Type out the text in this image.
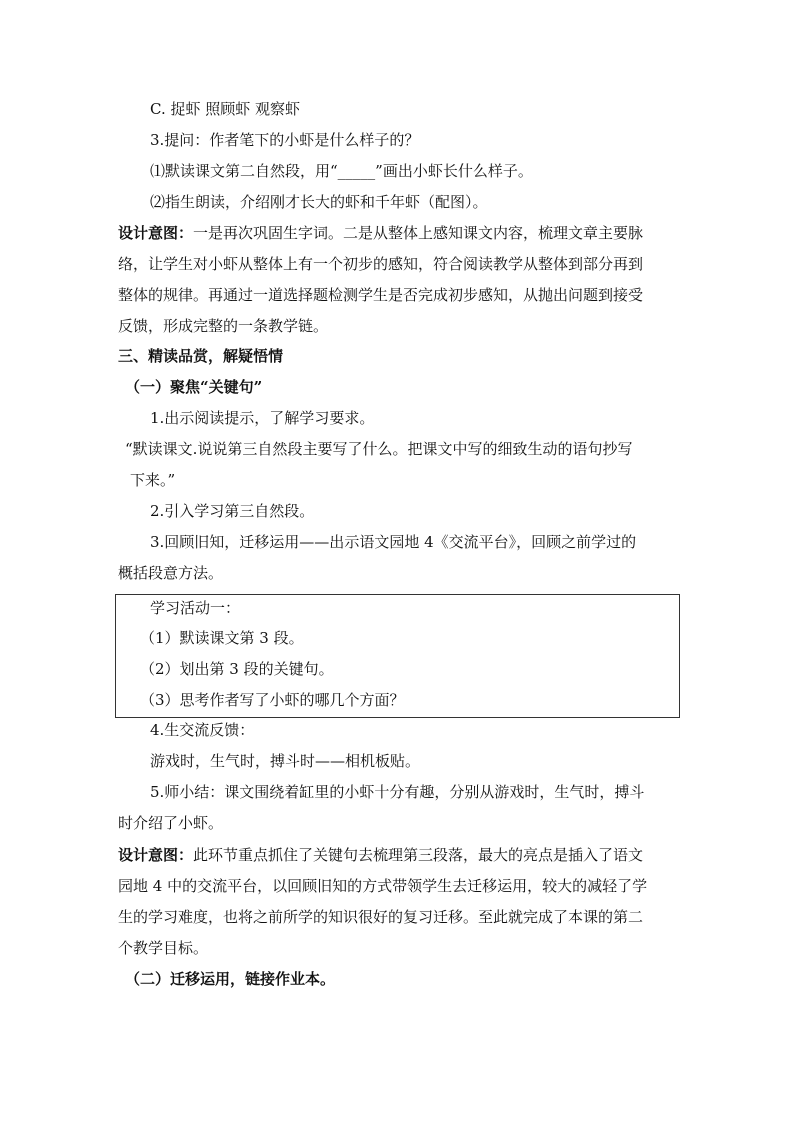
C. 捉虾 照顾虾 观察虾
3.提问：作者笔下的小虾是什么样子的？
⑴默读课文第二自然段，用“_____”画出小虾长什么样子。
⑵指生朗读，介绍刚才长大的虾和千年虾（配图）。
设计意图：一是再次巩固生字词。二是从整体上感知课文内容，梳理文章主要脉
络，让学生对小虾从整体上有一个初步的感知，符合阅读教学从整体到部分再到
整体的规律。再通过一道选择题检测学生是否完成初步感知，从抛出问题到接受
反馈，形成完整的一条教学链。
三、精读品赏，解疑悟情
（一）聚焦“关键句”
1.出示阅读提示，了解学习要求。
“默读课文.说说第三自然段主要写了什么。把课文中写的细致生动的语句抄写
下来。”
2.引入学习第三自然段。
3.回顾旧知，迁移运用——出示语文园地 4《交流平台》，回顾之前学过的
概括段意方法。
学习活动一：
（1）默读课文第 3 段。
（2）划出第 3 段的关键句。
（3）思考作者写了小虾的哪几个方面？
4.生交流反馈：
游戏时，生气时，搏斗时——相机板贴。
5.师小结：课文围绕着缸里的小虾十分有趣，分别从游戏时，生气时，搏斗
时介绍了小虾。
设计意图：此环节重点抓住了关键句去梳理第三段落，最大的亮点是插入了语文
园地 4 中的交流平台，以回顾旧知的方式带领学生去迁移运用，较大的减轻了学
生的学习难度，也将之前所学的知识很好的复习迁移。至此就完成了本课的第二
个教学目标。
（二）迁移运用，链接作业本。
